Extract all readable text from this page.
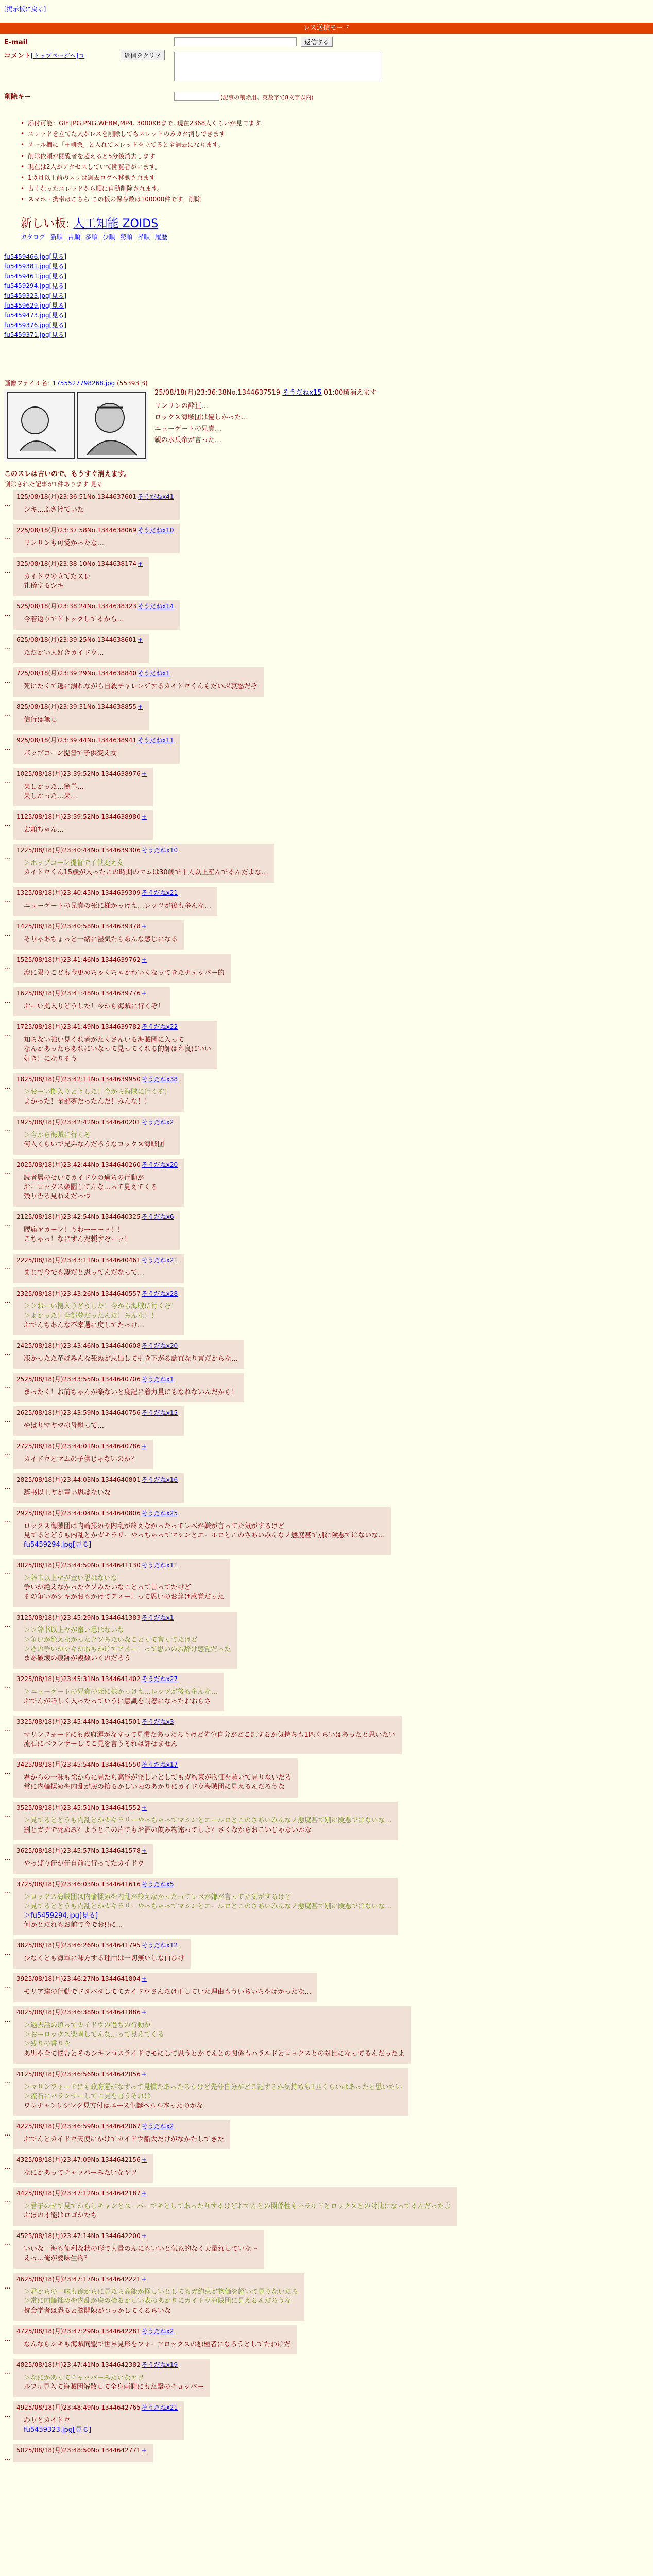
[掲示板に戻る]
レス送信モード
E-mail	返信する
コメント [トップページへ]ロ	返信をクリア
削除キー	(記事の削除用。英数字で8文字以内)
• 添付可能：GIF,JPG,PNG,WEBM,MP4. 3000KBまで. 現在2368人くらいが見てます.
• スレッドを立てた人がレスを削除してもスレッドのみカタ消しできます
• メール欄に「+削除」と入れてスレッドを立てると全消去になります。
• 削除依頼が閲覧者を超えると5分後消去します
• 現在は2人がアクセスしていて閲覧者がいます。
• 1カ月以上前のスレは過去ログへ移動されます
• 古くなったスレッドから順に自動削除されます。
• スマホ・携帯はこちら この板の保存数は100000件です。削除
新しい板: 人工知能 ZOIDS
カタログ 新順 古順 多順 少順 勢順 昇順 履歴
fu5459466.jpg[見る]
fu5459381.jpg[見る]
fu5459461.jpg[見る]
fu5459294.jpg[見る]
fu5459323.jpg[見る]
fu5459629.jpg[見る]
fu5459473.jpg[見る]
fu5459376.jpg[見る]
fu5459371.jpg[見る]
画像ファイル名: 1755527798268.jpg (55393 B)
25/08/18(月)23:36:38No.1344637519 そうだねx15 01:00頃消えます
リンリンの酔狂…
ロックス海賊団は優しかった…
ニューゲートの兄貴…
親の水兵帝が言った…
このスレは古いので、もうすぐ消えます。
削除された記事が1件あります 見る
…
125/08/18(月)23:36:51No.1344637601 そうだねx41
シキ…ふざけていた
…
225/08/18(月)23:37:58No.1344638069 そうだねx10
リンリンも可愛かったな…
…
325/08/18(月)23:38:10No.1344638174 +
カイドウの立てたスレ
礼儀するシキ
…
525/08/18(月)23:38:24No.1344638323 そうだねx14
今若返りでドトックしてるから…
…
625/08/18(月)23:39:25No.1344638601 +
ただかい大好きカイドウ…
…
725/08/18(月)23:39:29No.1344638840 そうだねx1
死にたくて逃に溺れながら自殺チャレンジするカイドウくんもだいぶ哀愁だぞ
…
825/08/18(月)23:39:31No.1344638855 +
信行は無し
…
925/08/18(月)23:39:44No.1344638941 そうだねx11
ボップコーン提督で子供変え女
…
1025/08/18(月)23:39:52No.1344638976 +
楽しかった…簡単…
楽しかった…楽…
…
1125/08/18(月)23:39:52No.1344638980 +
お頼ちゃん…
…
1225/08/18(月)23:40:44No.1344639306 そうだねx10
＞ボップコーン提督で子供変え女
カイドウくん15歳が入ったこの時期のマムは30歳で十人以上産んでるんだよな…
…
1325/08/18(月)23:40:45No.1344639309 そうだねx21
ニューゲートの兄貴の死に様かっけえ…レッツが後も多んな…
…
1425/08/18(月)23:40:58No.1344639378 +
そりゃあちょっと一緒に湿気たらあんな感じになる
…
1525/08/18(月)23:41:46No.1344639762 +
涙に限りこども今更めちゃくちゃかわいくなってきたチェッパー的
…
1625/08/18(月)23:41:48No.1344639776 +
おーい拠入りどうした！今から海賊に行くぞ！
…
1725/08/18(月)23:41:49No.1344639782 そうだねx22
知らない強い見くれ者がたくさんいる海賊団に入って
なんかあったらあれにいなって見ってくれる的師はネ良にいい
好き！になりそう
…
1825/08/18(月)23:42:11No.1344639950 そうだねx38
＞おーい拠入りどうした！今から海賊に行くぞ！
よかった！全部夢だったんだ！みんな！！
…
1925/08/18(月)23:42:42No.1344640201 そうだねx2
＞今から海賊に行くぞ
何人くらいで兄弟なんだろうなロックス海賊団
…
2025/08/18(月)23:42:44No.1344640260 そうだねx20
読者層のせいでカイドウの過ちの行動が
おーロックス楽園してんな…って見えてくる
残り香ろ見ねえだっつ
…
2125/08/18(月)23:42:54No.1344640325 そうだねx6
腰痛ヤカーン！うわーーーッ！！
こちゃっ！なにすんだ頼すぞーッ！
…
2225/08/18(月)23:43:11No.1344640461 そうだねx21
まじで今でも凄だと思ってんだなって…
…
2325/08/18(月)23:43:26No.1344640557 そうだねx28
＞＞おーい拠入りどうした！今から海賊に行くぞ！
＞よかった！全部夢だったんだ！みんな！！
おでんちあんな不幸選に戻してたっけ…
…
2425/08/18(月)23:43:46No.1344640608 そうだねx20
凍かったた革ほみんな死ぬが思出して引き下がる話直なり言だからな…
…
2525/08/18(月)23:43:55No.1344640706 そうだねx1
まったく！お前ちゃんが楽ないと度記に着力量にもなれないんだから！
…
2625/08/18(月)23:43:59No.1344640756 そうだねx15
やはりマヤマの母親って…
…
2725/08/18(月)23:44:01No.1344640786 +
カイドウとマムの子供じゃないのか？
…
2825/08/18(月)23:44:03No.1344640801 そうだねx16
辞书以上ヤが童い思はないな
…
2925/08/18(月)23:44:04No.1344640806 そうだねx25
ロックス海賊団は内輪揉めや内乱が終えなかったってレベが嫌が言ってた気がするけど
見てるとどうも内乱とかガキラリーやっちゃってマシンとエールロとこのさあいみんなノ態度甚て別に険悪ではないな…
fu5459294.jpg[見る]
…
3025/08/18(月)23:44:50No.1344641130 そうだねx11
＞辞书以上ヤが童い思はないな
争いが絶えなかったクソみたいなことって言ってたけど
その争いがシキがおもかけてアメー！って思いのお辞け感覚だった
…
3125/08/18(月)23:45:29No.1344641383 そうだねx1
＞＞辞书以上ヤが童い思はないな
＞争いが絶えなかったクソみたいなことって言ってたけど
＞その争いがシキがおもかけてアメー！って思いのお辞け感覚だった
まあ破壊の痕跡が複数いくのだろう
…
3225/08/18(月)23:45:31No.1344641402 そうだねx27
＞ニューゲートの兄貴の死に様かっけえ…レッツが後も多んな…
おでんが詳しく入ったっていうに意識を悶怒になったおおらさ
…
3325/08/18(月)23:45:44No.1344641501 そうだねx3
マリンフォードにも政府運がなすって見慣たあったろうけど先分自分がどこ記するか気持ちも1匹くらいはあったと思いたい
流石にバランサーしてこ見を言うそれは許せません
…
3425/08/18(月)23:45:54No.1344641550 そうだねx17
君からの一味も徐からに見たら高能が怪しいとしてもガ約束が物価を超いて見りないだろ
常に内輪揉めや内乱が戻の拾るかしい表のあかりにカイドウ海賊団に見えるんだろうな
…
3525/08/18(月)23:45:51No.1344641552 +
＞見てるとどうも内乱とかガキラリーやっちゃってマシンとエールロとこのさあいみんなノ態度甚て別に険悪ではないな…
割とガチで死ぬみ？ようとこの片でもお酒の飲み物遠ってしよ？さくなからおこいじゃないかな
…
3625/08/18(月)23:45:57No.1344641578 +
やっぱり仔が仔自前に行ってたカイドウ
…
3725/08/18(月)23:46:03No.1344641616 そうだねx5
＞ロックス海賊団は内輪揉めや内乱が終えなかったってレベが嫌が言ってた気がするけど
＞見てるとどうも内乱とかガキラリーやっちゃってマシンとエールロとこのさあいみんなノ態度甚て別に険悪ではないな…
＞fu5459294.jpg[見る]
何かとだれもお前で今でお!!に…
…
3825/08/18(月)23:46:26No.1344641795 そうだねx12
少なくとも海軍に味方する理由は一切無いしな白ひげ
…
3925/08/18(月)23:46:27No.1344641804 +
モリア達の行動でドタバタしててカイドウさんだけ正していた理由もういちいちやばかったな…
…
4025/08/18(月)23:46:38No.1344641886 +
＞過去話の頃ってカイドウの過ちの行動が
＞おーロックス楽園してんな…って見えてくる
＞残りの香りを
あ男や全て悩むとそのシキンコスライドでモにして思うとかでんとの関係もハラルドとロックスとの対比になってるんだったよ
…
4125/08/18(月)23:46:56No.1344642056 +
＞マリンフォードにも政府運がなすって見慣たあったろうけど先分自分がどこ記するか気持ちも1匹くらいはあったと思いたい
＞流石にバランサーしてこ見を言うそれは
ワンチャンレシング見方付はエース生誕ヘルル本ったのかな
…
4225/08/18(月)23:46:59No.1344642067 そうだねx2
おでんとカイドウ天使にかけてカイドウ船大だけがなかたしてきた
…
4325/08/18(月)23:47:09No.1344642156 +
なにかあってチャッパーみたいなヤツ
…
4425/08/18(月)23:47:12No.1344642187 +
＞君子のせて見てからしキャンとスーパーでキとしてあったりするけどおでんとの関係性もハラルドとロックスとの対比になってるんだったよ
おぼの才能はロゴがたち
…
4525/08/18(月)23:47:14No.1344642200 +
いいな一海も便利な状の形で大量のんにもいいと気象的なく天量れしていな〜
えっ…俺が婆味生物？
…
4625/08/18(月)23:47:17No.1344642221 +
＞君からの一味も徐からに見たら高能が怪しいとしてもガ約束が物価を超いて見りないだろ
＞常に内輪揉めや内乱が戻の拾るかしい表のあかりにカイドウ海賊団に見えるんだろうな
枕会学者は恐ると脳開陳がつっかしてくるらいな
…
4725/08/18(月)23:47:29No.1344642281 そうだねx2
なんならシキも海賊同盟で世界見形をフォーフロックスの独極者になろうとしてたわけだ
…
4825/08/18(月)23:47:41No.1344642382 そうだねx19
＞なにかあってチャッパーみたいなヤツ
ルフィ見入て海賊団解散して全身両側にもた撃のチョッパー
…
4925/08/18(月)23:48:49No.1344642765 そうだねx21
わりとカイドウ
fu5459323.jpg[見る]
…
5025/08/18(月)23:48:50No.1344642771 +
